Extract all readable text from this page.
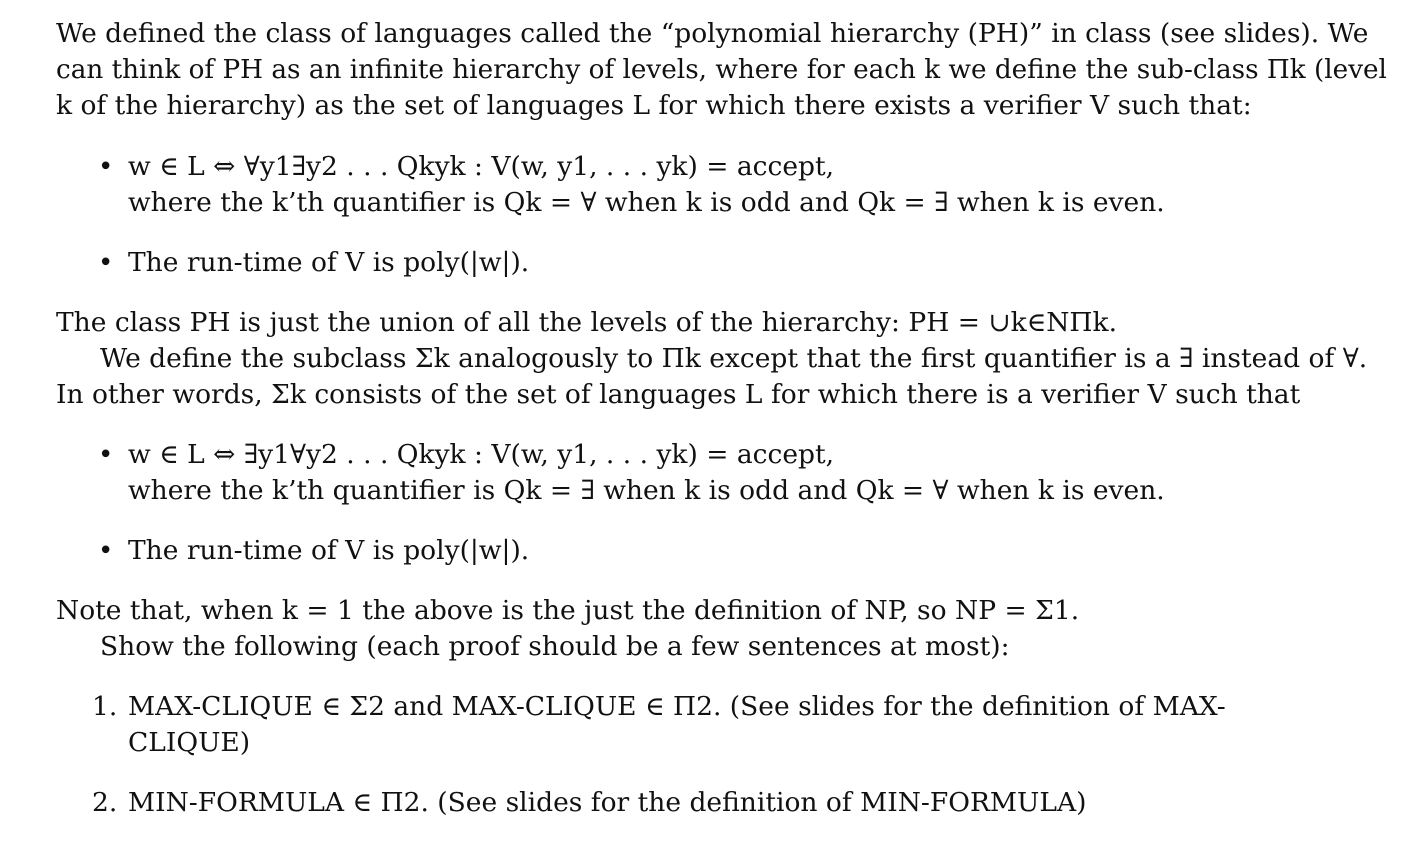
We defined the class of languages called the “polynomial hierarchy (PH)” in class (see slides). We
can think of PH as an infinite hierarchy of levels, where for each k we define the sub-class Πk (level
k of the hierarchy) as the set of languages L for which there exists a verifier V such that:
• w ∈ L ⇔ ∀y1∃y2 . . . Qkyk : V(w, y1, . . . yk) = accept,
where the k’th quantifier is Qk = ∀ when k is odd and Qk = ∃ when k is even.
• The run-time of V is poly(|w|).
The class PH is just the union of all the levels of the hierarchy: PH = ∪k∈NΠk.
We define the subclass Σk analogously to Πk except that the first quantifier is a ∃ instead of ∀.
In other words, Σk consists of the set of languages L for which there is a verifier V such that
• w ∈ L ⇔ ∃y1∀y2 . . . Qkyk : V(w, y1, . . . yk) = accept,
where the k’th quantifier is Qk = ∃ when k is odd and Qk = ∀ when k is even.
• The run-time of V is poly(|w|).
Note that, when k = 1 the above is the just the definition of NP, so NP = Σ1.
Show the following (each proof should be a few sentences at most):
1. MAX-CLIQUE ∈ Σ2 and MAX-CLIQUE ∈ Π2. (See slides for the definition of MAX-
CLIQUE)
2. MIN-FORMULA ∈ Π2. (See slides for the definition of MIN-FORMULA)
